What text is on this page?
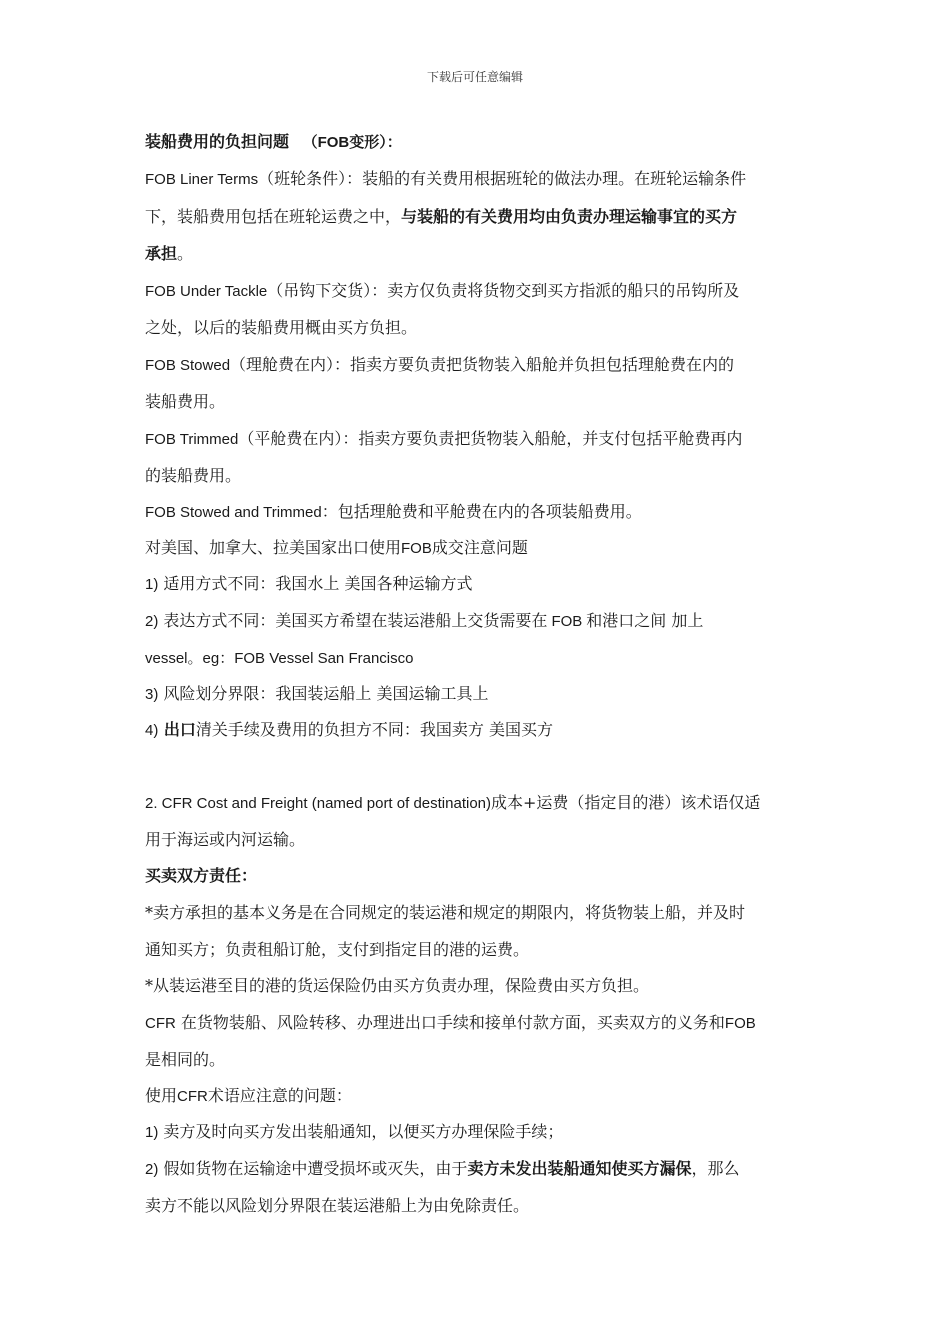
下载后可任意编辑
装船费用的负担问题 （FOB变形）：
FOB Liner Terms（班轮条件）：装船的有关费用根据班轮的做法办理。在班轮运输条件
下，装船费用包括在班轮运费之中，与装船的有关费用均由负责办理运输事宜的买方
承担。
FOB Under Tackle（吊钩下交货）：卖方仅负责将货物交到买方指派的船只的吊钩所及
之处，以后的装船费用概由买方负担。
FOB Stowed（理舱费在内）：指卖方要负责把货物装入船舱并负担包括理舱费在内的
装船费用。
FOB Trimmed（平舱费在内）：指卖方要负责把货物装入船舱，并支付包括平舱费再内
的装船费用。
FOB Stowed and Trimmed：包括理舱费和平舱费在内的各项装船费用。
对美国、加拿大、拉美国家出口使用FOB成交注意问题
1) 适用方式不同：我国水上 美国各种运输方式
2) 表达方式不同：美国买方希望在装运港船上交货需要在 FOB 和港口之间 加上
vessel。eg：FOB Vessel San Francisco
3) 风险划分界限：我国装运船上 美国运输工具上
4) 出口清关手续及费用的负担方不同：我国卖方 美国买方
2. CFR Cost and Freight (named port of destination)成本+运费（指定目的港）该术语仅适
用于海运或内河运输。
买卖双方责任：
*卖方承担的基本义务是在合同规定的装运港和规定的期限内，将货物装上船，并及时
通知买方；负责租船订舱，支付到指定目的港的运费。
*从装运港至目的港的货运保险仍由买方负责办理，保险费由买方负担。
CFR 在货物装船、风险转移、办理进出口手续和接单付款方面，买卖双方的义务和FOB
是相同的。
使用CFR术语应注意的问题：
1) 卖方及时向买方发出装船通知，以便买方办理保险手续；
2) 假如货物在运输途中遭受损坏或灭失，由于卖方未发出装船通知使买方漏保，那么
卖方不能以风险划分界限在装运港船上为由免除责任。
